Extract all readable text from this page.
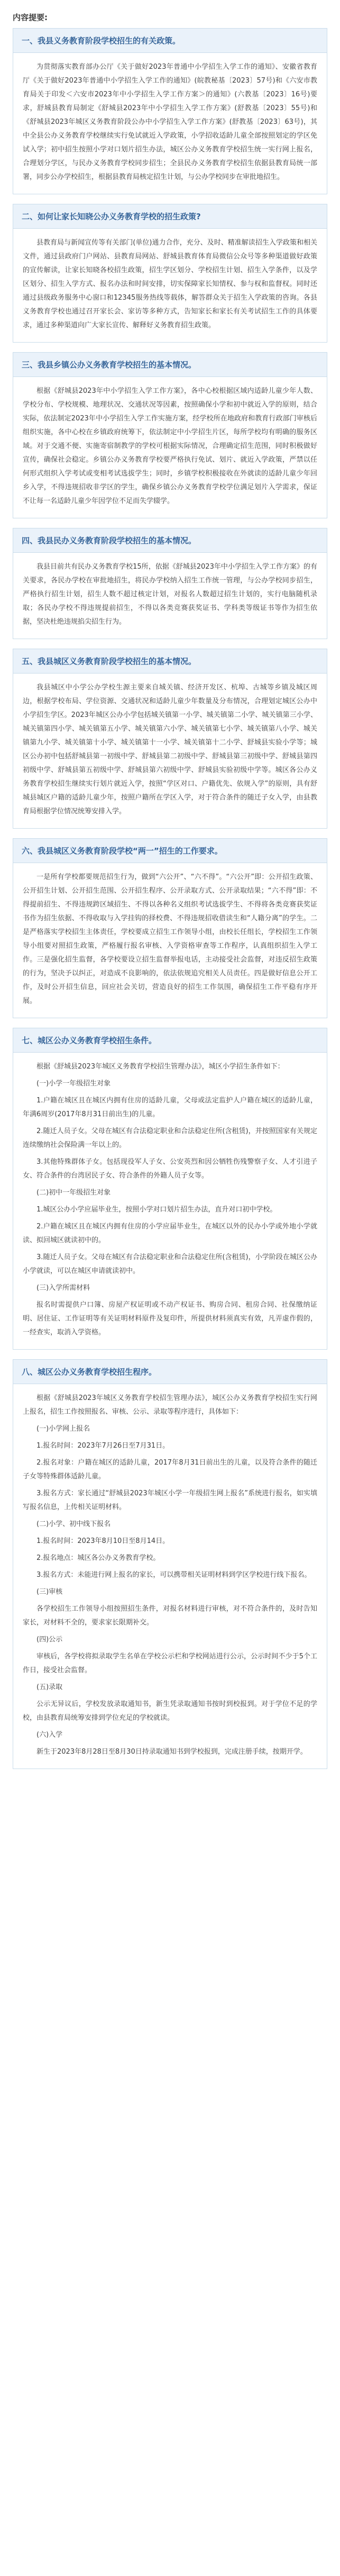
内容提要:
一、我县义务教育阶段学校招生的有关政策。

为贯彻落实教育部办公厅《关于做好2023年普通中小学招生入学工作的通知》、安徽省教育厅《关于做好2023年普通中小学招生入学工作的通知》(皖教秘基〔2023〕57号)和《六安市教育局关于印发＜六安市2023年中小学招生入学工作方案＞的通知》(六教基〔2023〕16号)要求，舒城县教育局制定《舒城县2023年中小学招生入学工作方案》(舒教基〔2023〕55号)和《舒城县2023年城区义务教育阶段公办中小学招生入学工作方案》(舒教基〔2023〕63号)，其中全县公办义务教育学校继续实行免试就近入学政策，小学招收适龄儿童全部按照划定的学区免试入学；初中招生按照小学对口划片招生办法，城区公办义务教育学校招生统一实行网上报名，合理划分学区，与民办义务教育学校同步招生；全县民办义务教育学校招生依据县教育局统一部署，同步公办学校招生，根据县教育局核定招生计划，与公办学校同步在审批地招生。

二、如何让家长知晓公办义务教育学校的招生政策?

县教育局与新闻宣传等有关部门(单位)通力合作，充分、及时、精准解读招生入学政策和相关文件，通过县政府门户网站、县教育局网站、舒城县教育体育局微信公众号等多种渠道做好政策的宣传解读，让家长知晓各校招生政策，招生学区划分、学校招生计划、招生入学条件，以及学区划分、招生入学方式、报名办法和时间安排，切实保障家长知情权、参与权和监督权。同时还通过县级政务服务中心窗口和12345服务热线等载体，解答群众关于招生入学政策的咨询。各县义务教育学校也通过召开家长会、家访等多种方式，告知家长和家长有关考试招生工作的具体要求，通过多种渠道向广大家长宣传、解释好义务教育招生政策。

三、我县乡镇公办义务教育学校招生的基本情况。

根据《舒城县2023年中小学招生入学工作方案》，各中心校根据区域内适龄儿童少年人数、学校分布、学校规模、地理状况、交通状况等因素，按照确保小学和初中就近入学的原则，结合实际，依法制定2023年中小学招生入学工作实施方案，经学校所在地政府和教育行政部门审核后组织实施，各中心校在乡镇政府统筹下，依法制定中小学招生片区，每所学校均有明确的服务区域。对于交通不便、实施寄宿制教学的学校可根据实际情况，合理确定招生范围，同时积极做好宣传，确保社会稳定。乡镇公办义务教育学校要严格执行免试、划片、就近入学政策，严禁以任何形式组织入学考试或变相考试选拔学生；同时，乡镇学校积极接收在外就读的适龄儿童少年回乡入学，不得违规招收非学区的学生，确保乡镇公办义务教育学校学位满足划片入学需求，保证不让每一名适龄儿童少年因学位不足而失学辍学。

四、我县民办义务教育阶段学校招生的基本情况。

我县目前共有民办义务教育学校15所，依据《舒城县2023年中小学招生入学工作方案》的有关要求，各民办学校在审批地招生，将民办学校纳入招生工作统一管理，与公办学校同步招生，严格执行招生计划，招生人数不超过核定计划，对报名人数超过招生计划的，实行电脑随机录取；各民办学校不得违规提前招生，不得以各类竞赛获奖证书、学科类等级证书等作为招生依据，坚决杜绝违规掐尖招生行为。

五、我县城区义务教育阶段学校招生的基本情况。

我县城区中小学公办学校生源主要来自城关镇、经济开发区、杭埠、古城等乡镇及城区周边，根据学校布局、学位资源、交通状况和适龄儿童少年数量及分布情况，合理划定城区公办中小学招生学区。2023年城区公办小学包括城关镇第一小学、城关镇第二小学、城关镇第三小学、城关镇第四小学、城关镇第五小学、城关镇第六小学、城关镇第七小学、城关镇第八小学、城关镇第九小学、城关镇第十小学、城关镇第十一小学、城关镇第十二小学、舒城县实验小学等；城区公办初中包括舒城县第一初级中学、舒城县第二初级中学、舒城县第三初级中学、舒城县第四初级中学、舒城县第五初级中学、舒城县第六初级中学、舒城县实验初级中学等。城区各公办义务教育学校招生继续实行划片就近入学，按照“学区对口、户籍优先、依规入学”的原则，具有舒城县城区户籍的适龄儿童少年，按照户籍所在学区入学，对于符合条件的随迁子女入学，由县教育局根据学位情况统筹安排入学。

六、我县城区义务教育阶段学校“两一”招生的工作要求。

一是所有学校都要规范招生行为，做到“六公开”、“六不得”。“六公开”即：公开招生政策、公开招生计划、公开招生范围、公开招生程序、公开录取方式、公开录取结果；“六不得”即：不得提前招生、不得违规跨区域招生、不得以各种名义组织考试选拔学生、不得将各类竞赛获奖证书作为招生依据、不得收取与入学挂钩的择校费、不得违规招收借读生和“人籍分离”的学生。二是严格落实学校招生主体责任，学校要成立招生工作领导小组，由校长任组长，学校招生工作领导小组要对照招生政策，严格履行报名审核、入学资格审查等工作程序，认真组织招生入学工作。三是强化招生监督，各学校要设立招生监督举报电话，主动接受社会监督，对违反招生政策的行为，坚决予以纠正，对造成不良影响的，依法依规追究相关人员责任。四是做好信息公开工作，及时公开招生信息，回应社会关切，营造良好的招生工作氛围，确保招生工作平稳有序开展。

七、城区公办义务教育学校招生条件。

根据《舒城县2023年城区义务教育学校招生管理办法》，城区小学招生条件如下：

(一)小学一年级招生对象

1.户籍在城区且在城区内拥有住房的适龄儿童，父母或法定监护人户籍在城区的适龄儿童，年满6周岁(2017年8月31日前出生)的儿童。

2.随迁人员子女。父母在城区有合法稳定职业和合法稳定住所(含租赁)，并按照国家有关规定连续缴纳社会保险满一年以上的。

3.其他特殊群体子女。包括现役军人子女、公安英烈和因公牺牲伤残警察子女、人才引进子女、符合条件的台湾居民子女、符合条件的外籍人员子女等。

(二)初中一年级招生对象

1.城区公办小学应届毕业生，按照小学对口划片招生办法，直升对口初中学校。

2.户籍在城区且在城区内拥有住房的小学应届毕业生，在城区以外的民办小学或外地小学就读、拟回城区就读初中的。

3.随迁人员子女。父母在城区有合法稳定职业和合法稳定住所(含租赁)，小学阶段在城区公办小学就读，可以在城区申请就读初中。

(三)入学所需材料

报名时需提供户口簿、房屋产权证明或不动产权证书、购房合同、租房合同、社保缴纳证明、居住证、工作证明等有关证明材料原件及复印件，所提供材料须真实有效，凡弄虚作假的，一经查实，取消入学资格。

八、城区公办义务教育学校招生程序。

根据《舒城县2023年城区义务教育学校招生管理办法》，城区公办义务教育学校招生实行网上报名，招生工作按照报名、审核、公示、录取等程序进行，具体如下：

(一)小学网上报名

1.报名时间：2023年7月26日至7月31日。

2.报名对象：户籍在城区的适龄儿童，2017年8月31日前出生的儿童，以及符合条件的随迁子女等特殊群体适龄儿童。

3.报名方式：家长通过“舒城县2023年城区小学一年级招生网上报名”系统进行报名，如实填写报名信息，上传相关证明材料。

(二)小学、初中线下报名

1.报名时间：2023年8月10日至8月14日。

2.报名地点：城区各公办义务教育学校。

3.报名方式：未能进行网上报名的家长，可以携带相关证明材料到学区学校进行线下报名。

(三)审核

各学校招生工作领导小组按照招生条件，对报名材料进行审核，对不符合条件的，及时告知家长，对材料不全的，要求家长限期补交。

(四)公示

审核后，各学校将拟录取学生名单在学校公示栏和学校网站进行公示，公示时间不少于5个工作日，接受社会监督。

(五)录取

公示无异议后，学校发放录取通知书，新生凭录取通知书按时到校报到。对于学位不足的学校，由县教育局统筹安排到学位充足的学校就读。

(六)入学

新生于2023年8月28日至8月30日持录取通知书到学校报到，完成注册手续，按期开学。
